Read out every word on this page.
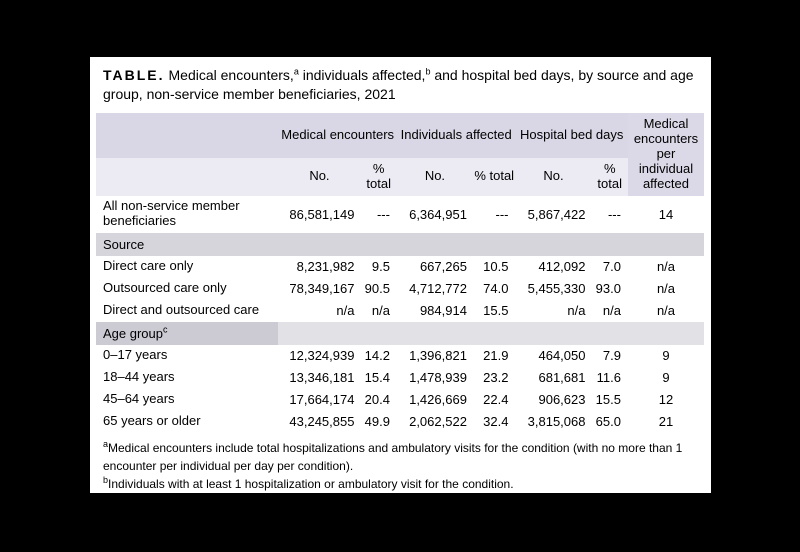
TABLE. Medical encounters,$^a$ individuals affected,$^b$ and hospital bed days, by source and age group, non-service member beneficiaries, 2021

	Medical encounters		Individuals affected		Hospital bed days		Medical encounters per individual affected
	No.	% total	No.	% total	No.	% total	
All non-service member beneficiaries	86,581,149	---	6,364,951	---	5,867,422	---	14
Source							
Direct care only	8,231,982	9.5	667,265	10.5	412,092	7.0	n/a
Outsourced care only	78,349,167	90.5	4,712,772	74.0	5,455,330	93.0	n/a
Direct and outsourced care	n/a	n/a	984,914	15.5	n/a	n/a	n/a
Age group$^c$	
0–17 years	12,324,939	14.2	1,396,821	21.9	464,050	7.9	9
18–44 years	13,346,181	15.4	1,478,939	23.2	681,681	11.6	9
45–64 years	17,664,174	20.4	1,426,669	22.4	906,623	15.5	12
65 years or older	43,245,855	49.9	2,062,522	32.4	3,815,068	65.0	21

$^a$Medical encounters include total hospitalizations and ambulatory visits for the condition (with no more than 1 encounter per individual per day per condition).

$^b$Individuals with at least 1 hospitalization or ambulatory visit for the condition.
